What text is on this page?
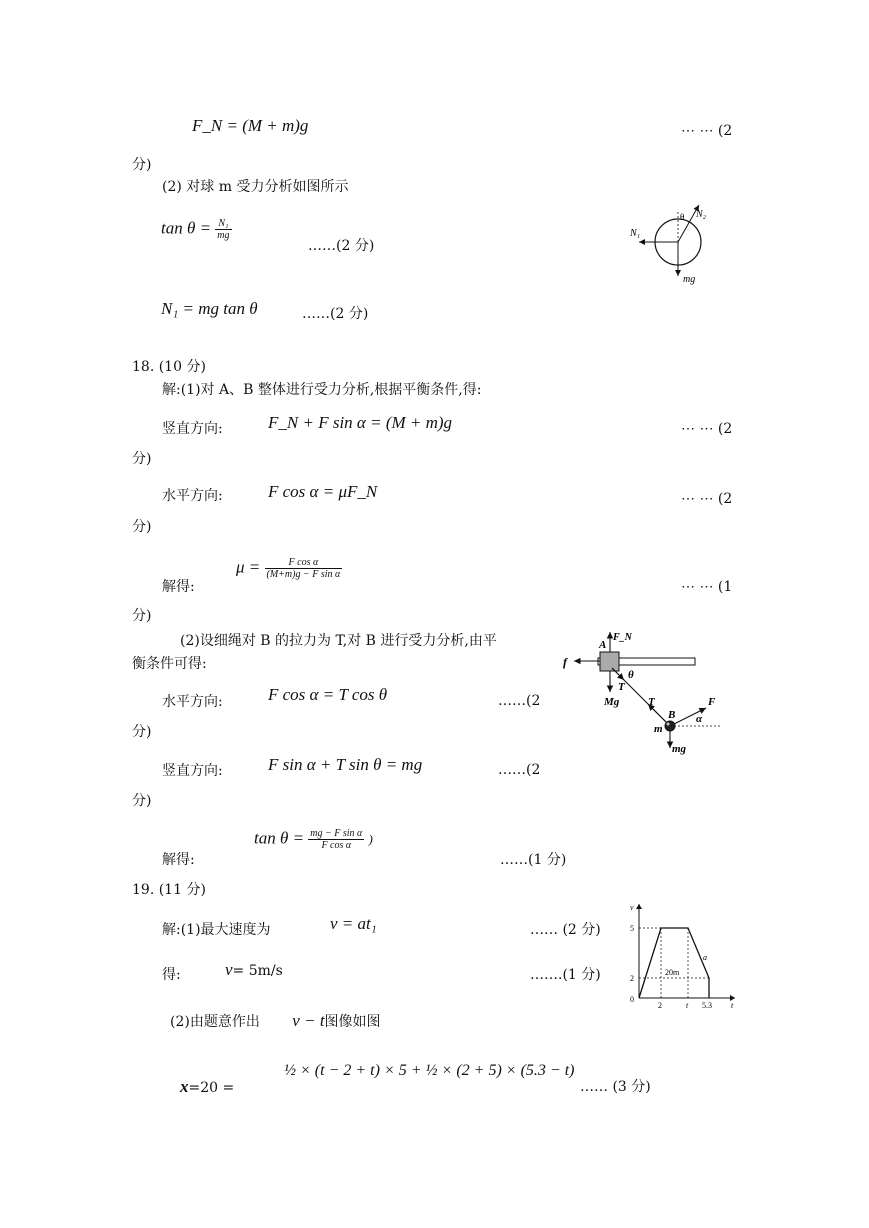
F_N = (M + m)g	⋯ ⋯ (2
分)
(2) 对球 m 受力分析如图所示
$\tan \theta = \frac{\text{N₁}}{mg}$
……(2 分)
θ N₂
N₁
mg
N₁ = mg tan θ	……(2 分)
18. (10 分)
解:(1)对 A、B 整体进行受力分析,根据平衡条件,得:
竖直方向:	F_N + F sin α = (M + m)g	⋯ ⋯ (2
分)
水平方向:	F cos α = μF_N	⋯ ⋯ (2
分)
$\mu = \frac{\text{F cos α}}{\text{(M+m)g − F sin α}}$
解得:	⋯ ⋯ (1
分)
(2)设细绳对 B 的拉力为 T,对 B 进行受力分析,由平
衡条件可得:
A
F_N
f
θ
T
Mg	T	F
B α
m
mg
水平方向:	F cos α = T cos θ	……(2
分)
竖直方向:	F sin α + T sin θ = mg	……(2
分)
$\tan \theta = \frac{\text{mg − F sin α}}{\text{F cos α}}$ )
解得:	……(1 分)
19. (11 分)
解:(1)最大速度为	v = at₁	…… (2 分)
得:	v= 5m/s	…….(1 分)
v
5
2
0
2	t 5.3 t
20m
a
(2)由题意作出 v − t图像如图
x=20 =
½ × (t − 2 + t) × 5 + ½ × (2 + 5) × (5.3 − t)
…… (3 分)
